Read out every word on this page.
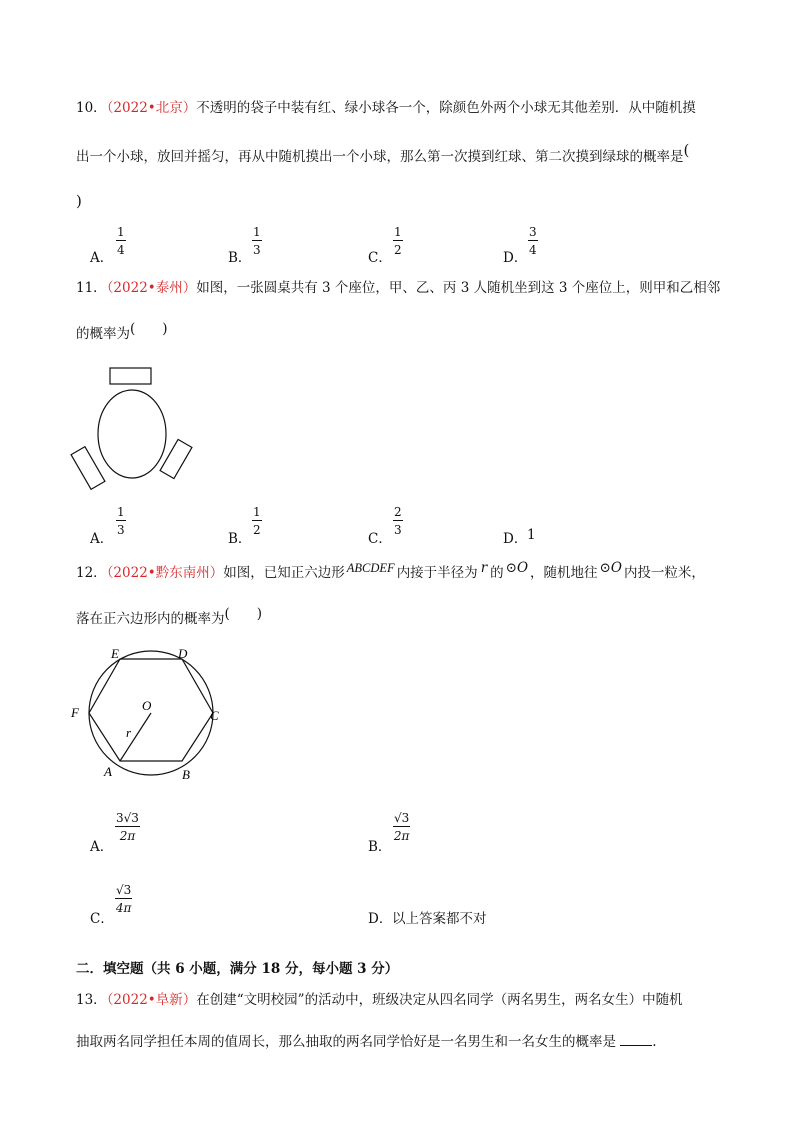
10．（2022•北京）不透明的袋子中装有红、绿小球各一个，除颜色外两个小球无其他差别．从中随机摸
出一个小球，放回并摇匀，再从中随机摸出一个小球，那么第一次摸到红球、第二次摸到绿球的概率是(
)
A．
1
4	B．
1
3	C．
1
2	D．
3
4
11．（2022•泰州）如图，一张圆桌共有 3 个座位，甲、乙、丙 3 人随机坐到这 3 个座位上，则甲和乙相邻
的概率为(　　)
A．
1
3
B．
1
2
C．
2
3
D． 1
12．（2022•黔东南州）如图，已知正六边形 ABCDEF 内接于半径为 r 的 ⊙O ，随机地往 ⊙O 内投一粒米，
落在正六边形内的概率为(　　)
E	D
F	C
O
r
A	B
A．
3√3
2π
B．
√3
2π
C．
√3
4π
D． 以上答案都不对
二．填空题（共 6 小题，满分 18 分，每小题 3 分）
13．（2022•阜新）在创建“文明校园”的活动中，班级决定从四名同学（两名男生，两名女生）中随机
抽取两名同学担任本周的值周长，那么抽取的两名同学恰好是一名男生和一名女生的概率是	.
